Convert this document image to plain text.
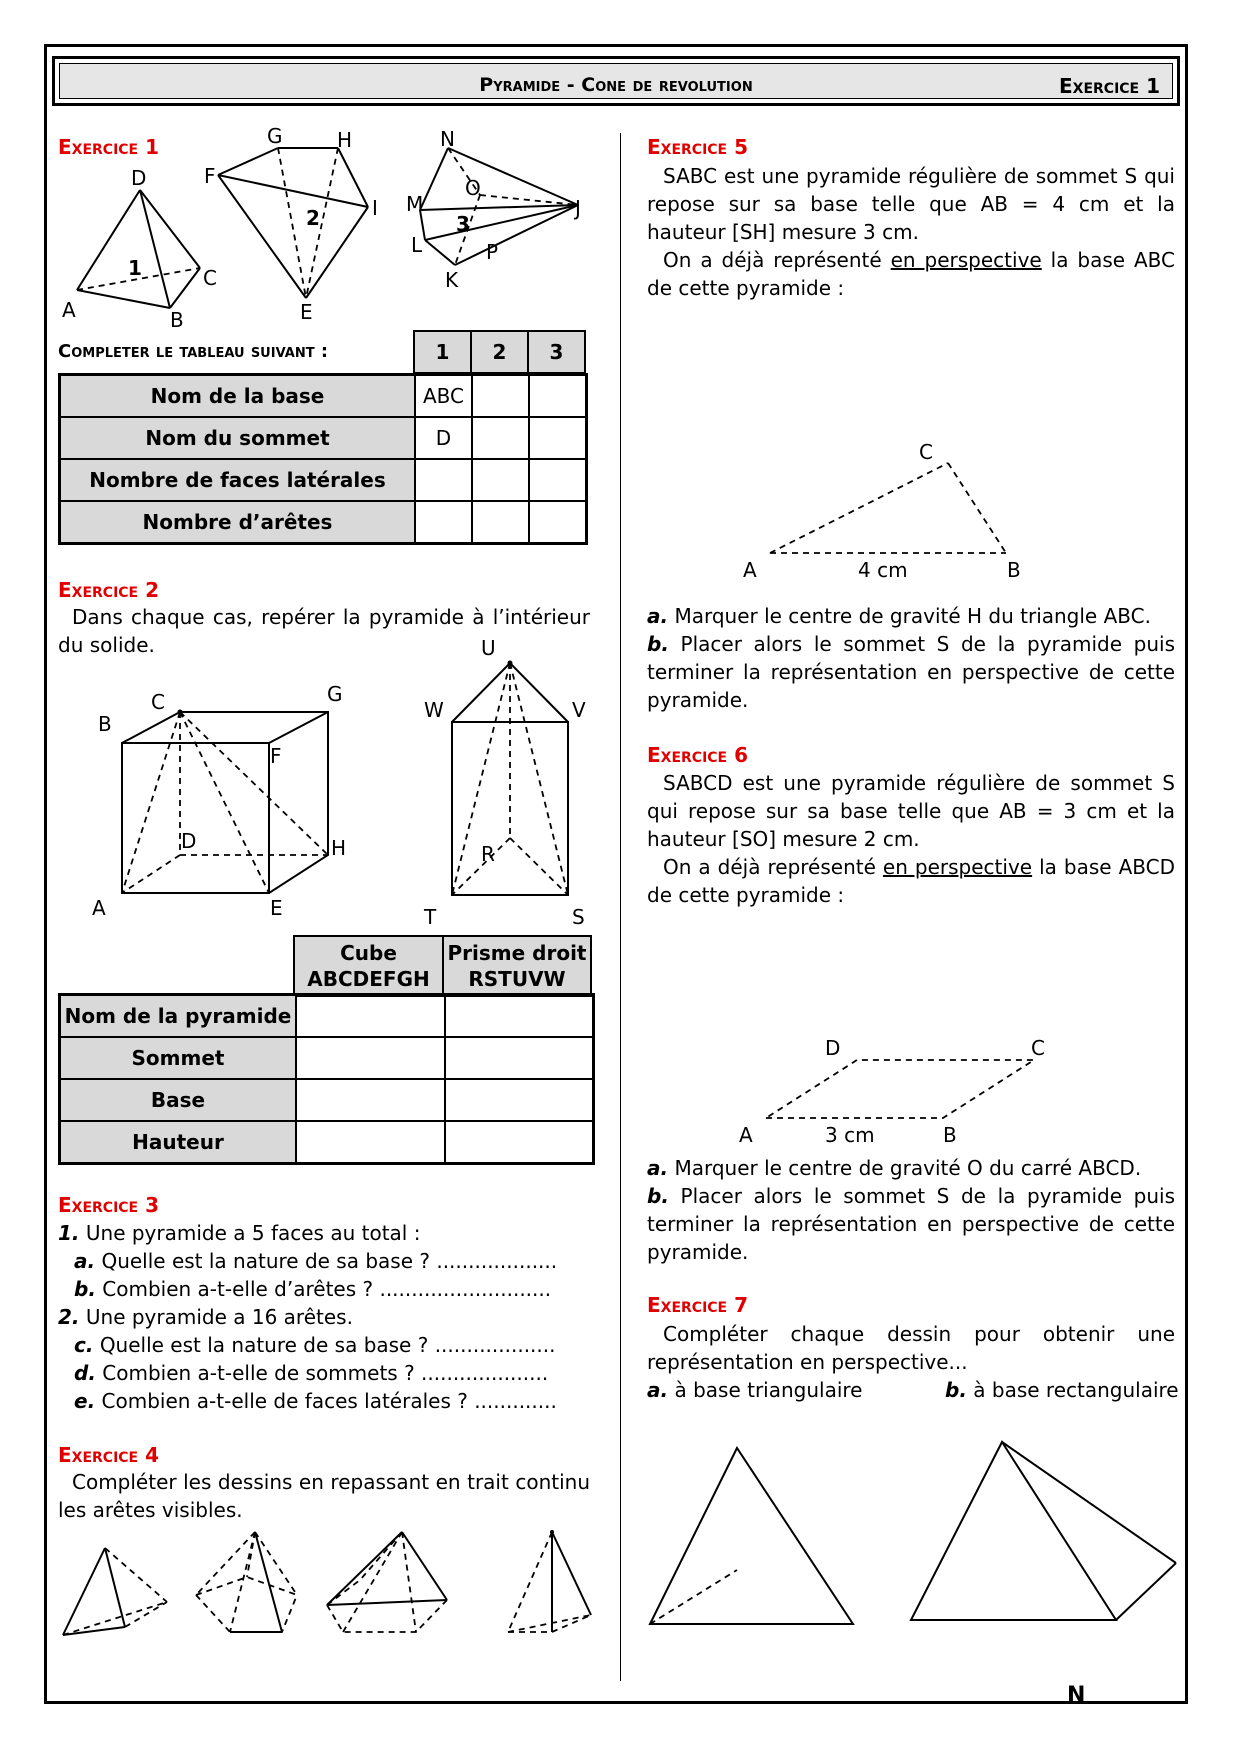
Pyramide - Cone de revolution	Exercice 1
Exercice 1
D
A	B
C
1
G	H
F
I
E
2
N
M
O
J
L	P
K
3
Completer le tableau suivant :	1	2	3
Nom de la base	ABC		
Nom du sommet	D		
Nombre de faces latérales			
Nombre d’arêtes			
Exercice 2
Dans chaque cas, repérer la pyramide à l’intérieur du solide.
B
C	G
F
D	H
A	E
U
W	V
R
T	S
Cube
ABCDEFGH

Prisme droit
RSTUVW
Nom de la pyramide		
Sommet		
Base		
Hauteur		
Exercice 3
1. Une pyramide a 5 faces au total :
a. Quelle est la nature de sa base ? ...................
b. Combien a-t-elle d’arêtes ? ...........................
2. Une pyramide a 16 arêtes.
c. Quelle est la nature de sa base ? ...................
d. Combien a-t-elle de sommets ? ....................
e. Combien a-t-elle de faces latérales ? .............
Exercice 4
Compléter les dessins en repassant en trait continu les arêtes visibles.
Exercice 5
SABC est une pyramide régulière de sommet S qui repose sur sa base telle que AB = 4 cm et la hauteur [SH] mesure 3 cm.
On a déjà représenté en perspective la base ABC de cette pyramide :
C
A	B
4 cm
a. Marquer le centre de gravité H du triangle ABC.
b. Placer alors le sommet S de la pyramide puis terminer la représentation en perspective de cette pyramide.
Exercice 6
SABCD est une pyramide régulière de sommet S qui repose sur sa base telle que AB = 3 cm et la hauteur [SO] mesure 2 cm.
On a déjà représenté en perspective la base ABCD de cette pyramide :
D	C
A	B
3 cm
a. Marquer le centre de gravité O du carré ABCD.
b. Placer alors le sommet S de la pyramide puis terminer la représentation en perspective de cette pyramide.
Exercice 7
Compléter chaque dessin pour obtenir une représentation en perspective...
a. à base triangulaire	b. à base rectangulaire
N
